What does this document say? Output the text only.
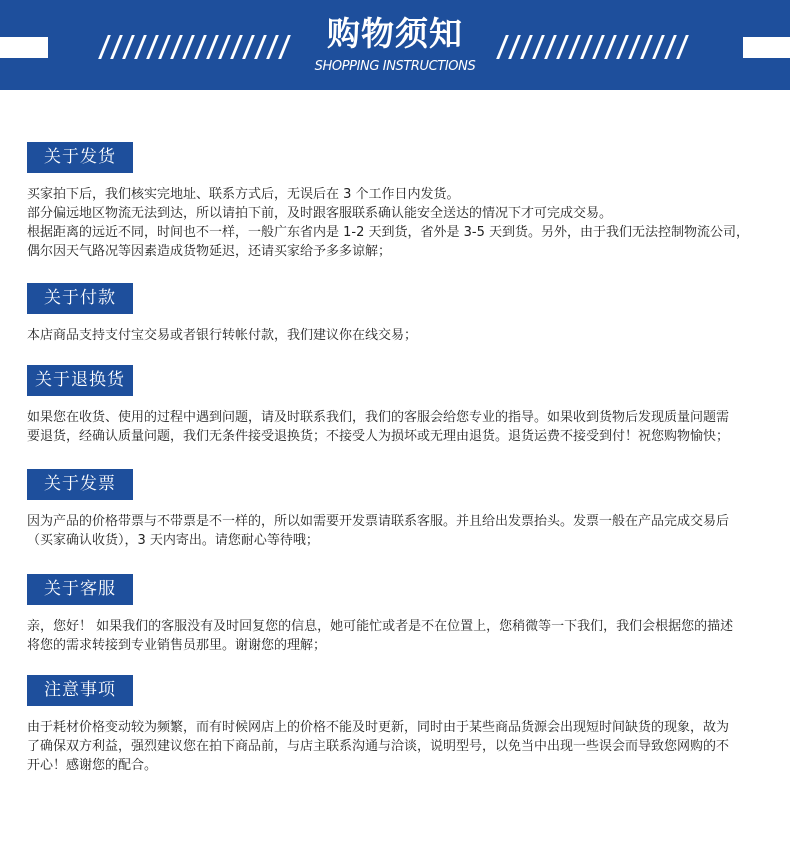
购物须知
SHOPPING INSTRUCTIONS
关于发货
买家拍下后，我们核实完地址、联系方式后，无误后在 3 个工作日内发货。
部分偏远地区物流无法到达，所以请拍下前，及时跟客服联系确认能安全送达的情况下才可完成交易。
根据距离的远近不同，时间也不一样，一般广东省内是 1-2 天到货，省外是 3-5 天到货。另外，由于我们无法控制物流公司，
偶尔因天气路况等因素造成货物延迟，还请买家给予多多谅解；
关于付款
本店商品支持支付宝交易或者银行转帐付款，我们建议你在线交易；
关于退换货
如果您在收货、使用的过程中遇到问题，请及时联系我们，我们的客服会给您专业的指导。如果收到货物后发现质量问题需
要退货，经确认质量问题，我们无条件接受退换货；不接受人为损坏或无理由退货。退货运费不接受到付！祝您购物愉快；
关于发票
因为产品的价格带票与不带票是不一样的，所以如需要开发票请联系客服。并且给出发票抬头。发票一般在产品完成交易后
（买家确认收货），3 天内寄出。请您耐心等待哦；
关于客服
亲，您好！ 如果我们的客服没有及时回复您的信息，她可能忙或者是不在位置上，您稍微等一下我们，我们会根据您的描述
将您的需求转接到专业销售员那里。谢谢您的理解；
注意事项
由于耗材价格变动较为频繁，而有时候网店上的价格不能及时更新，同时由于某些商品货源会出现短时间缺货的现象，故为
了确保双方利益，强烈建议您在拍下商品前，与店主联系沟通与洽谈，说明型号，以免当中出现一些误会而导致您网购的不
开心！感谢您的配合。
